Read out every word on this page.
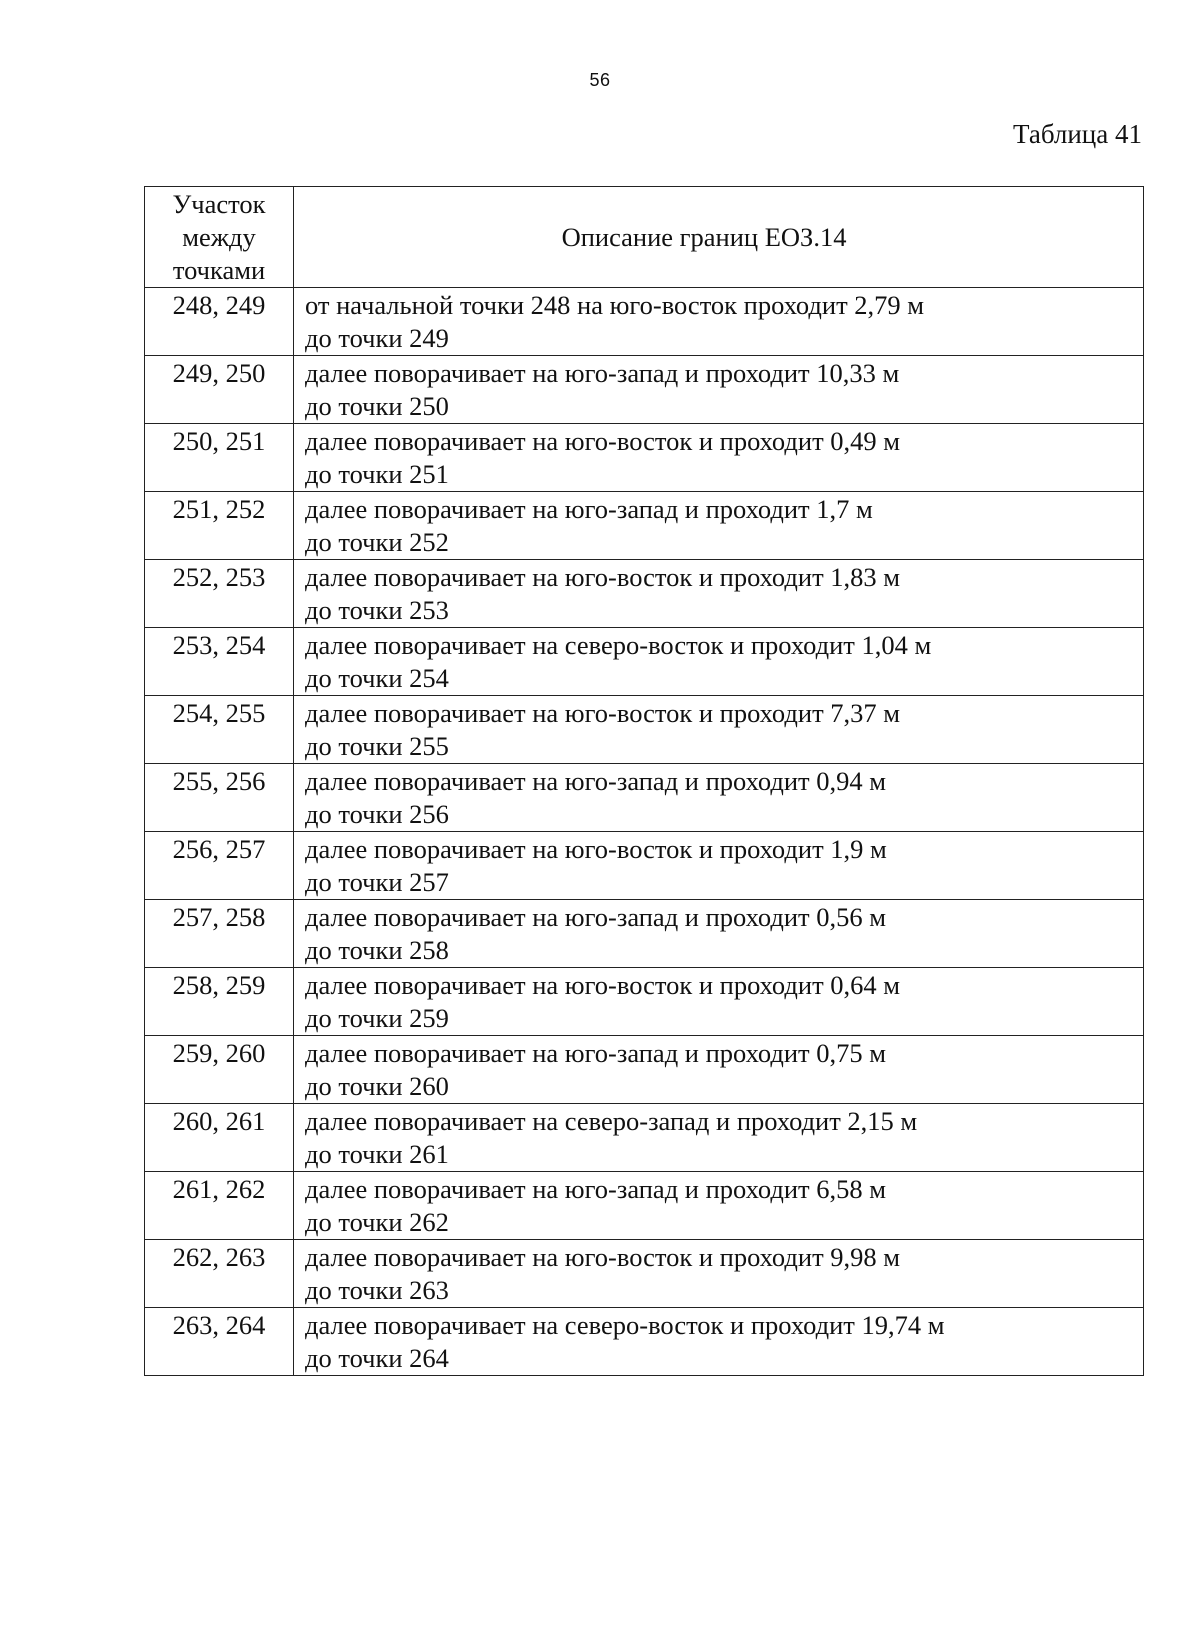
56
Таблица 41
Участок
между
точками	Описание границ ЕОЗ.14
248, 249	от начальной точки 248 на юго-восток проходит 2,79 м
до точки 249

249, 250	далее поворачивает на юго-запад и проходит 10,33 м
до точки 250

250, 251	далее поворачивает на юго-восток и проходит 0,49 м
до точки 251

251, 252	далее поворачивает на юго-запад и проходит 1,7 м
до точки 252

252, 253	далее поворачивает на юго-восток и проходит 1,83 м
до точки 253

253, 254	далее поворачивает на северо-восток и проходит 1,04 м
до точки 254

254, 255	далее поворачивает на юго-восток и проходит 7,37 м
до точки 255

255, 256	далее поворачивает на юго-запад и проходит 0,94 м
до точки 256

256, 257	далее поворачивает на юго-восток и проходит 1,9 м
до точки 257

257, 258	далее поворачивает на юго-запад и проходит 0,56 м
до точки 258

258, 259	далее поворачивает на юго-восток и проходит 0,64 м
до точки 259

259, 260	далее поворачивает на юго-запад и проходит 0,75 м
до точки 260

260, 261	далее поворачивает на северо-запад и проходит 2,15 м
до точки 261

261, 262	далее поворачивает на юго-запад и проходит 6,58 м
до точки 262

262, 263	далее поворачивает на юго-восток и проходит 9,98 м
до точки 263

263, 264	далее поворачивает на северо-восток и проходит 19,74 м
до точки 264
